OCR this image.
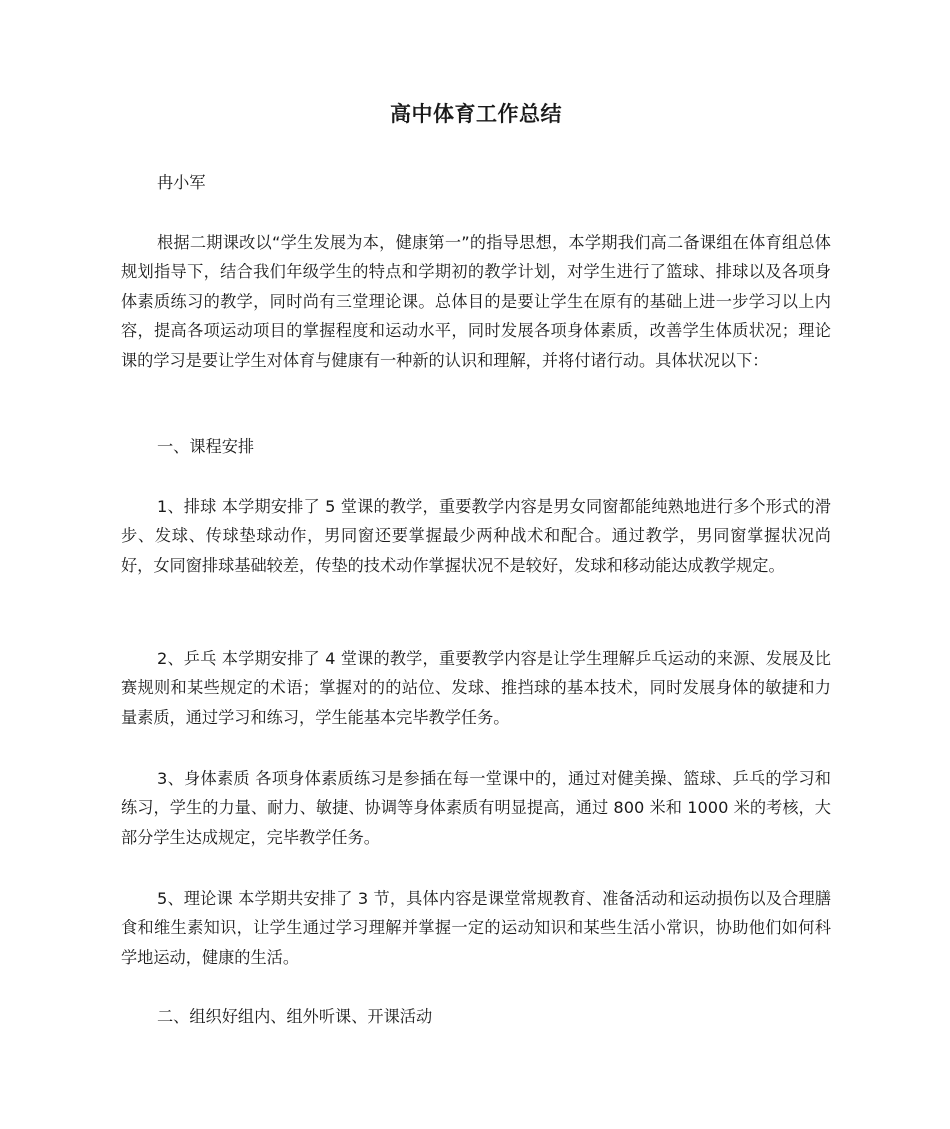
高中体育工作总结

冉小军

根据二期课改以“学生发展为本，健康第一”的指导思想，本学期我们高二备课组在体育组总体规划指导下，结合我们年级学生的特点和学期初的教学计划，对学生进行了篮球、排球以及各项身体素质练习的教学，同时尚有三堂理论课。总体目的是要让学生在原有的基础上进一步学习以上内容，提高各项运动项目的掌握程度和运动水平，同时发展各项身体素质，改善学生体质状况；理论课的学习是要让学生对体育与健康有一种新的认识和理解，并将付诸行动。具体状况以下：

一、课程安排

1、排球 本学期安排了 5 堂课的教学，重要教学内容是男女同窗都能纯熟地进行多个形式的滑步、发球、传球垫球动作，男同窗还要掌握最少两种战术和配合。通过教学，男同窗掌握状况尚好，女同窗排球基础较差，传垫的技术动作掌握状况不是较好，发球和移动能达成教学规定。

2、乒乓 本学期安排了 4 堂课的教学，重要教学内容是让学生理解乒乓运动的来源、发展及比赛规则和某些规定的术语；掌握对的的站位、发球、推挡球的基本技术，同时发展身体的敏捷和力量素质，通过学习和练习，学生能基本完毕教学任务。

3、身体素质 各项身体素质练习是参插在每一堂课中的，通过对健美操、篮球、乒乓的学习和练习，学生的力量、耐力、敏捷、协调等身体素质有明显提高，通过 800 米和 1000 米的考核，大部分学生达成规定，完毕教学任务。

5、理论课 本学期共安排了 3 节，具体内容是课堂常规教育、准备活动和运动损伤以及合理膳食和维生素知识，让学生通过学习理解并掌握一定的运动知识和某些生活小常识，协助他们如何科学地运动，健康的生活。

二、组织好组内、组外听课、开课活动
